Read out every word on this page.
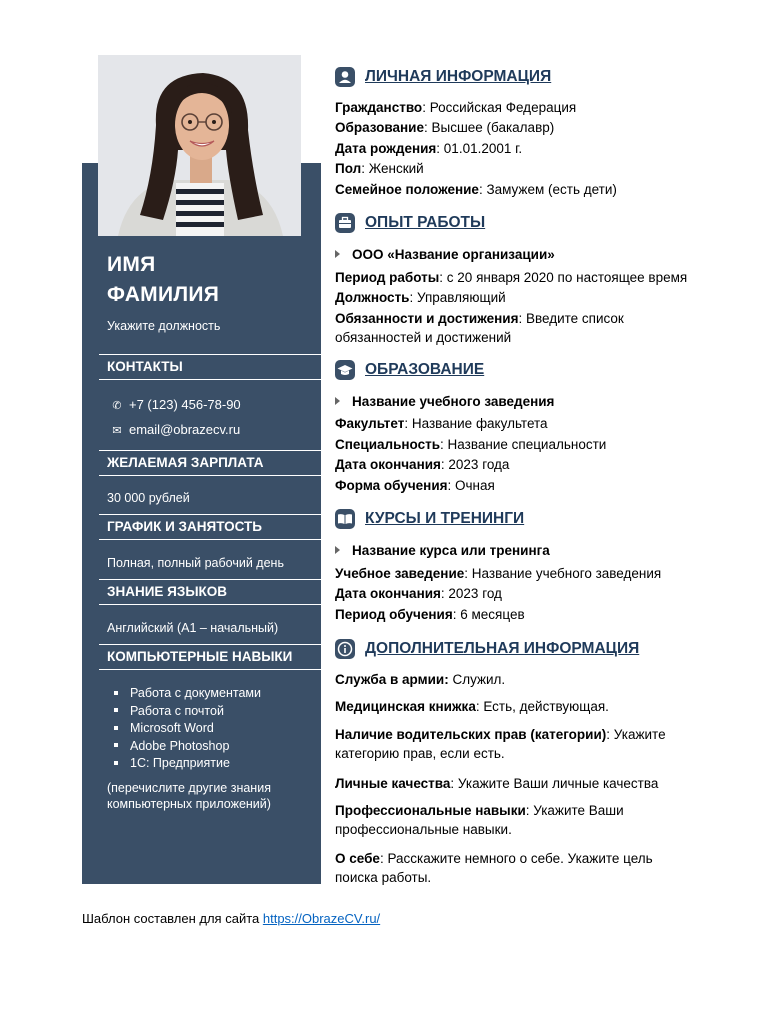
ИМЯ
ФАМИЛИЯ
Укажите должность
КОНТАКТЫ
✆ +7 (123) 456-78-90
✉ email@obrazecv.ru
ЖЕЛАЕМАЯ ЗАРПЛАТА
30 000 рублей
ГРАФИК И ЗАНЯТОСТЬ
Полная, полный рабочий день
ЗНАНИЕ ЯЗЫКОВ
Английский (A1 – начальный)
КОМПЬЮТЕРНЫЕ НАВЫКИ
Работа с документами
Работа с почтой
Microsoft Word
Adobe Photoshop
1С: Предприятие
(перечислите другие знания компьютерных приложений)
ЛИЧНАЯ ИНФОРМАЦИЯ
Гражданство: Российская Федерация
Образование: Высшее (бакалавр)
Дата рождения: 01.01.2001 г.
Пол: Женский
Семейное положение: Замужем (есть дети)
ОПЫТ РАБОТЫ
ООО «Название организации»
Период работы: с 20 января 2020 по настоящее время
Должность: Управляющий
Обязанности и достижения: Введите список обязанностей и достижений
ОБРАЗОВАНИЕ
Название учебного заведения
Факультет: Название факультета
Специальность: Название специальности
Дата окончания: 2023 года
Форма обучения: Очная
КУРСЫ И ТРЕНИНГИ
Название курса или тренинга
Учебное заведение: Название учебного заведения
Дата окончания: 2023 год
Период обучения: 6 месяцев
ДОПОЛНИТЕЛЬНАЯ ИНФОРМАЦИЯ
Служба в армии: Служил.
Медицинская книжка: Есть, действующая.
Наличие водительских прав (категории): Укажите категорию прав, если есть.
Личные качества: Укажите Ваши личные качества
Профессиональные навыки: Укажите Ваши профессиональные навыки.
О себе: Расскажите немного о себе. Укажите цель поиска работы.
Шаблон составлен для сайта https://ObrazeCV.ru/
